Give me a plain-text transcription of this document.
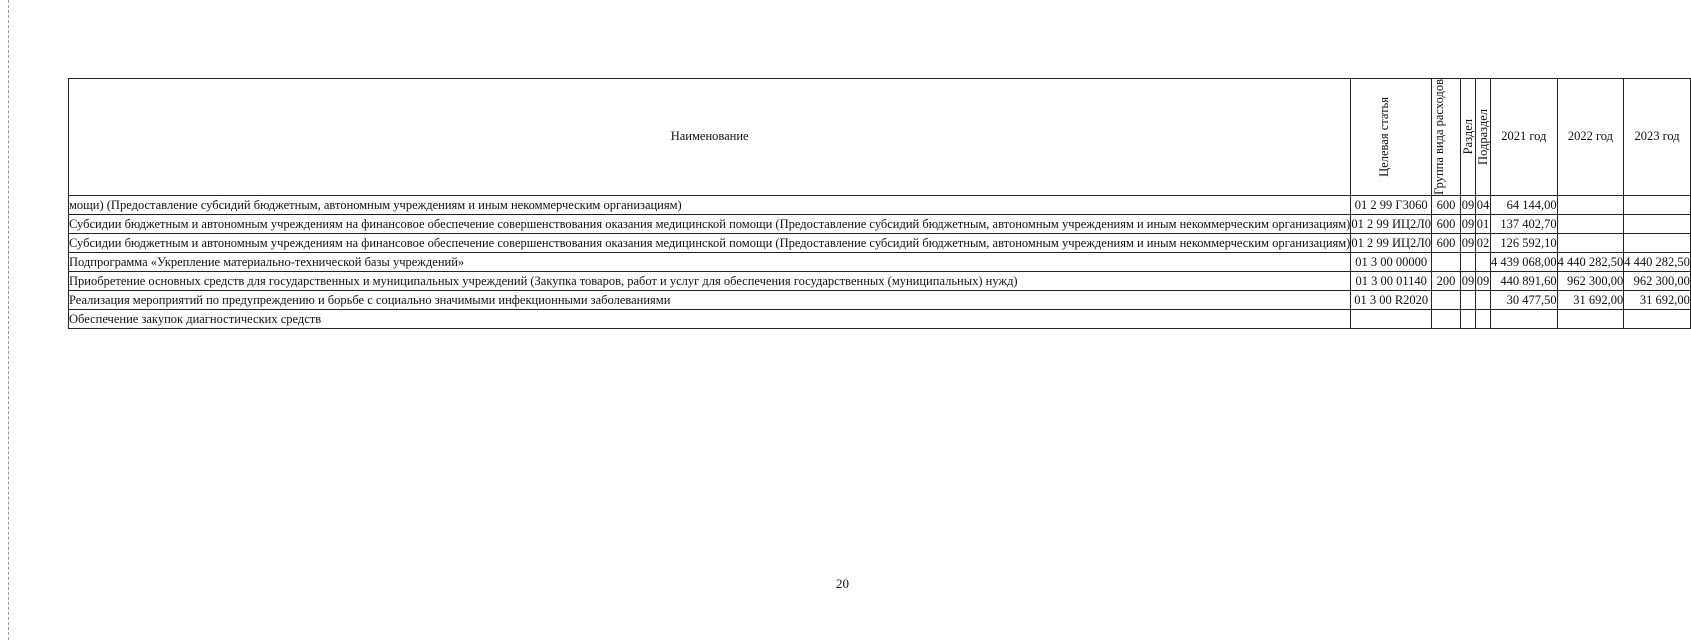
Наименование	Целевая статья	Группа вида расходов	Раздел	Подраздел	2021 год	2022 год	2023 год
мощи) (Предоставление субсидий бюджетным, автономным учреждениям и иным некоммерческим организациям)	01 2 99 Г3060	600	09	04	64 144,00		
Субсидии бюджетным и автономным учреждениям на финансовое обеспечение совершенствования оказания медицинской помощи (Предоставление субсидий бюджетным, автономным учреждениям и иным некоммерческим организациям)	01 2 99 ИЦ2Л0	600	09	01	137 402,70		
Субсидии бюджетным и автономным учреждениям на финансовое обеспечение совершенствования оказания медицинской помощи (Предоставление субсидий бюджетным, автономным учреждениям и иным некоммерческим организациям)	01 2 99 ИЦ2Л0	600	09	02	126 592,10		
Подпрограмма «Укрепление материально-технической базы учреждений»	01 3 00 00000				4 439 068,00	4 440 282,50	4 440 282,50
Приобретение основных средств для государственных и муниципальных учреждений (Закупка товаров, работ и услуг для обеспечения государственных (муниципальных) нужд)	01 3 00 01140	200	09	09	440 891,60	962 300,00	962 300,00
Реализация мероприятий по предупреждению и борьбе с социально значимыми инфекционными заболеваниями	01 3 00 R2020				30 477,50	31 692,00	31 692,00
Обеспечение закупок диагностических средств							
20
